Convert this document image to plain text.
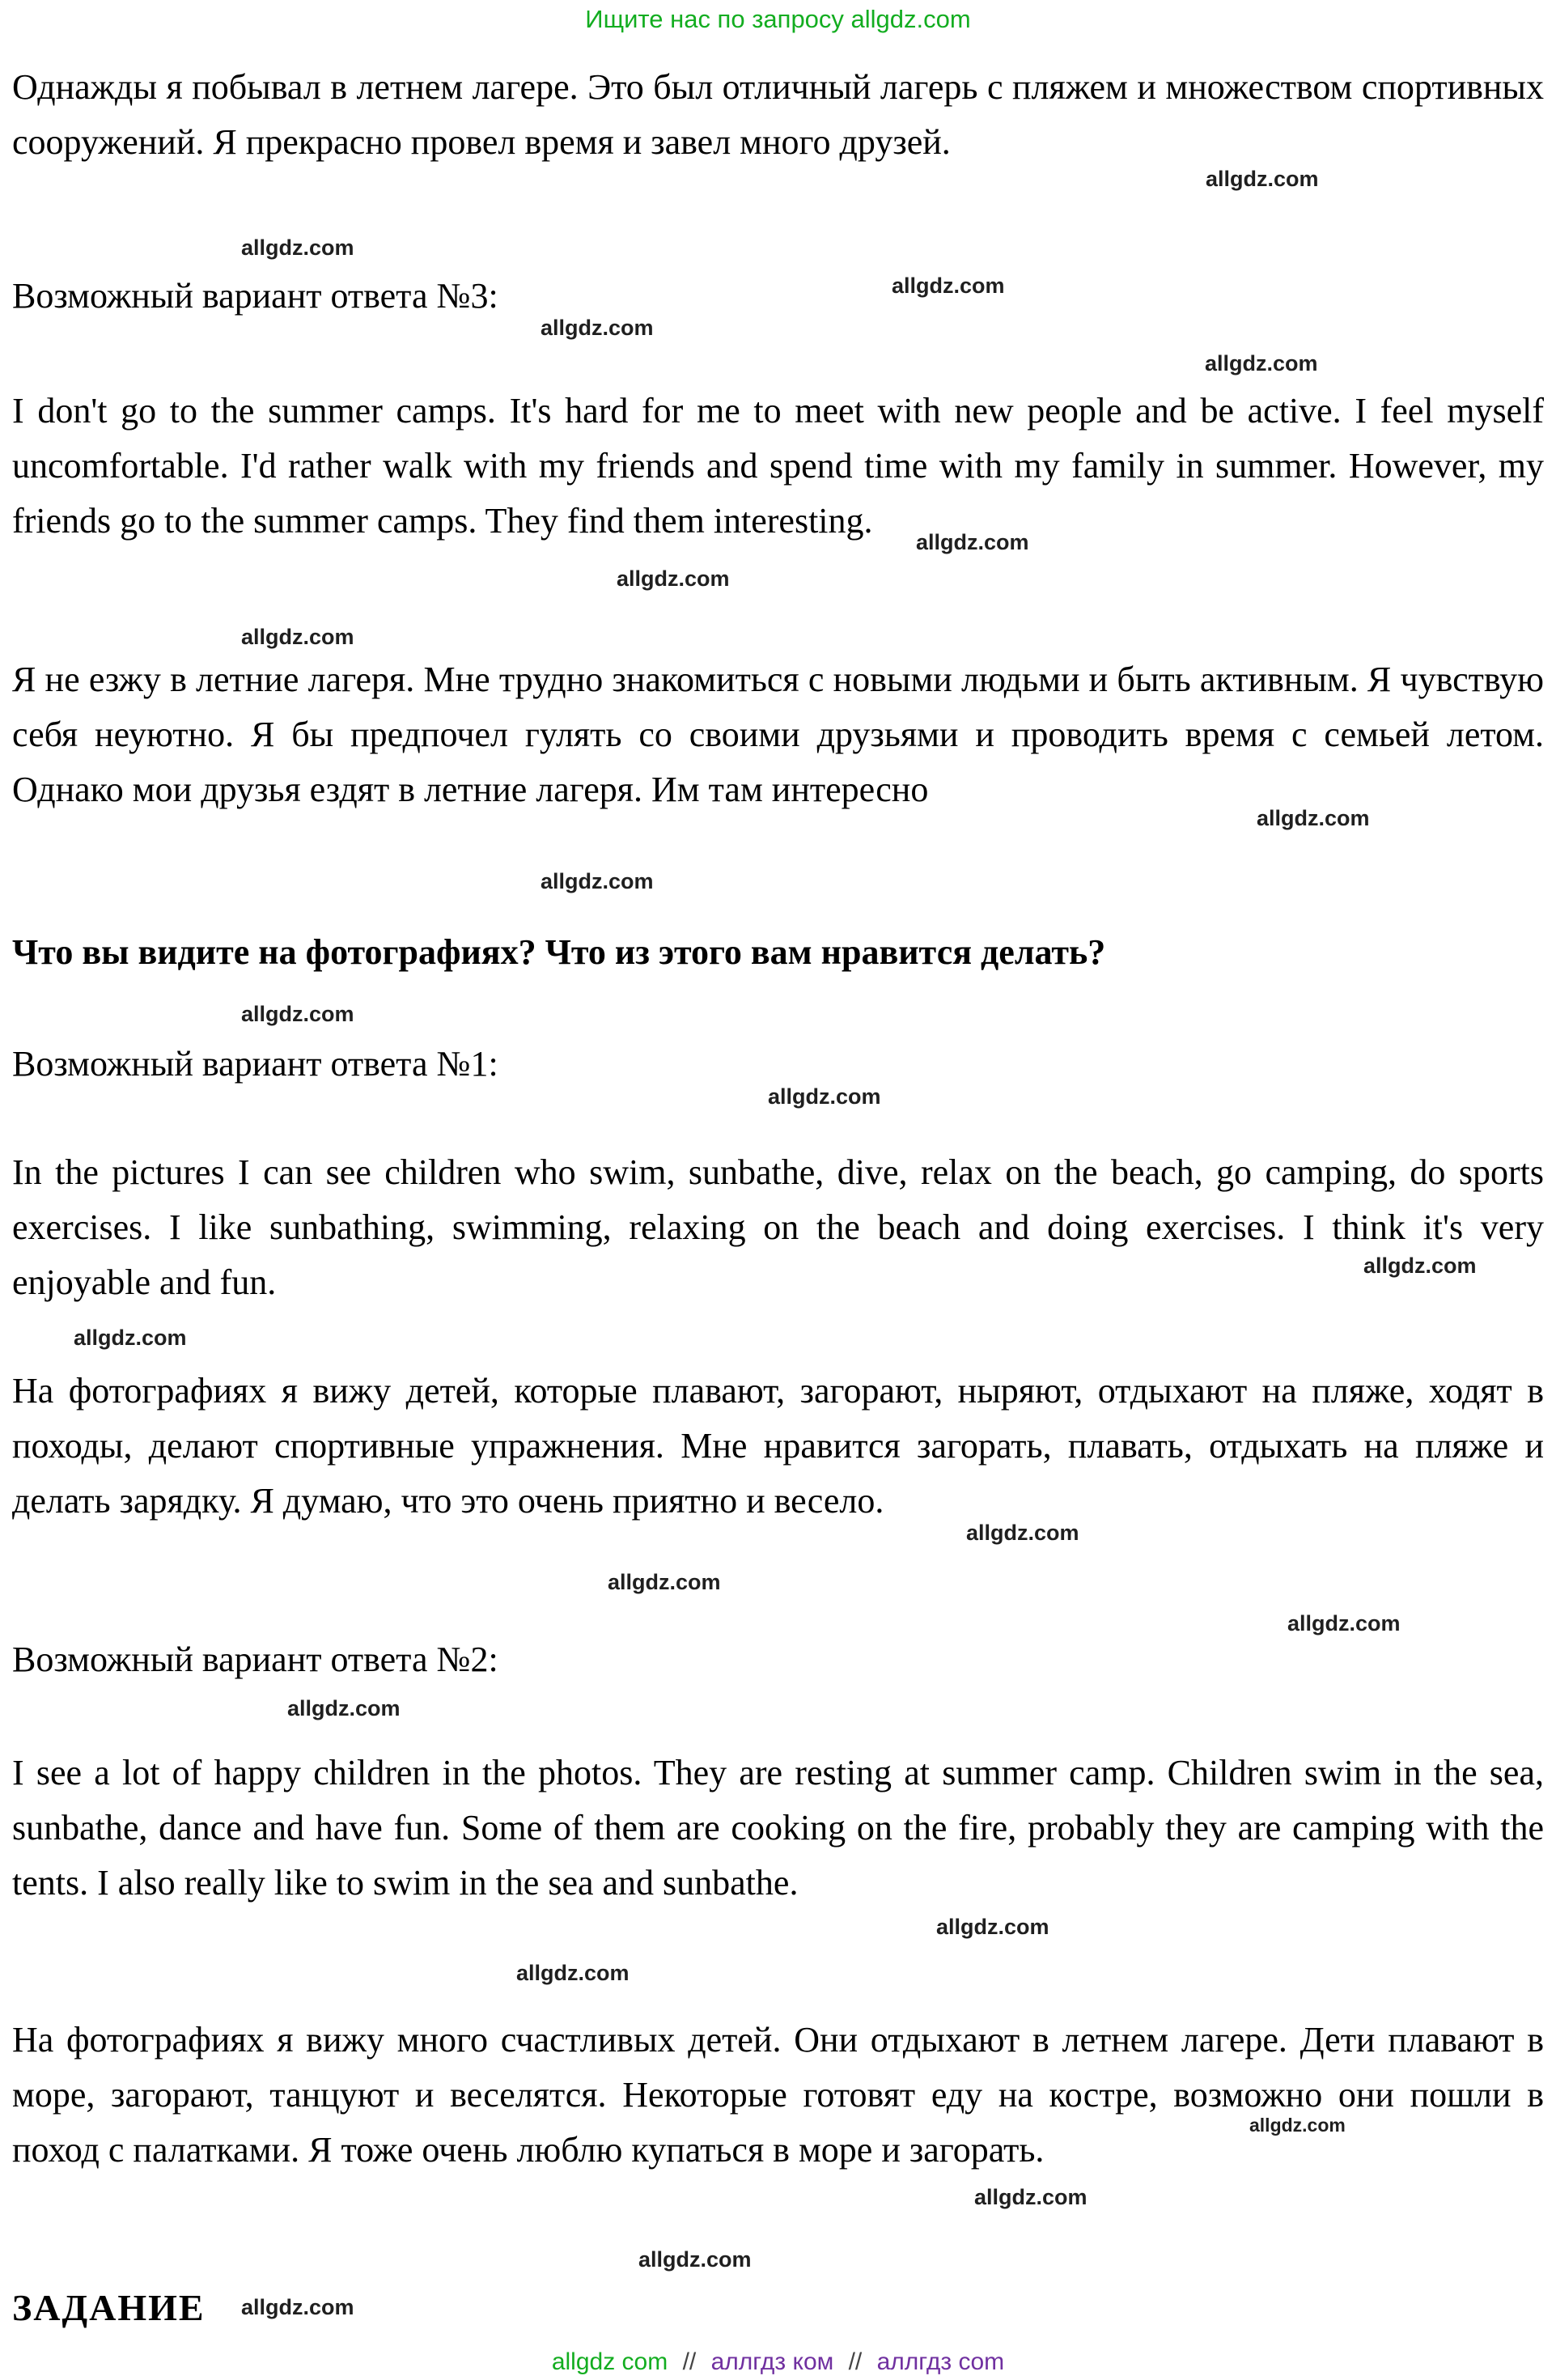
Ищите нас по запросу allgdz.com
Однажды я побывал в летнем лагере. Это был отличный лагерь с пляжем и множеством спортивных сооружений. Я прекрасно провел время и завел много друзей.
Возможный вариант ответа №3:
I don't go to the summer camps. It's hard for me to meet with new people and be active. I feel myself uncomfortable. I'd rather walk with my friends and spend time with my family in summer. However, my friends go to the summer camps. They find them interesting.
Я не езжу в летние лагеря. Мне трудно знакомиться с новыми людьми и быть активным. Я чувствую себя неуютно. Я бы предпочел гулять со своими друзьями и проводить время с семьей летом. Однако мои друзья ездят в летние лагеря. Им там интересно
Что вы видите на фотографиях? Что из этого вам нравится делать?
Возможный вариант ответа №1:
In the pictures I can see children who swim, sunbathe, dive, relax on the beach, go camping, do sports exercises. I like sunbathing, swimming, relaxing on the beach and doing exercises. I think it's very enjoyable and fun.
На фотографиях я вижу детей, которые плавают, загорают, ныряют, отдыхают на пляже, ходят в походы, делают спортивные упражнения. Мне нравится загорать, плавать, отдыхать на пляже и делать зарядку. Я думаю, что это очень приятно и весело.
Возможный вариант ответа №2:
I see a lot of happy children in the photos. They are resting at summer camp. Children swim in the sea, sunbathe, dance and have fun. Some of them are cooking on the fire, probably they are camping with the tents. I also really like to swim in the sea and sunbathe.
На фотографиях я вижу много счастливых детей. Они отдыхают в летнем лагере. Дети плавают в море, загорают, танцуют и веселятся. Некоторые готовят еду на костре, возможно они пошли в поход с палатками. Я тоже очень люблю купаться в море и загорать.
ЗАДАНИЕ
allgdz.com
allgdz.com
allgdz.com
allgdz.com
allgdz.com
allgdz.com
allgdz.com
allgdz.com
allgdz.com
allgdz.com
allgdz.com
allgdz.com
allgdz.com
allgdz.com
allgdz.com
allgdz.com
allgdz.com
allgdz.com
allgdz.com
allgdz.com
allgdz.com
allgdz.com
allgdz.com
allgdz.com
allgdz com // аллгдз ком // аллгдз com
